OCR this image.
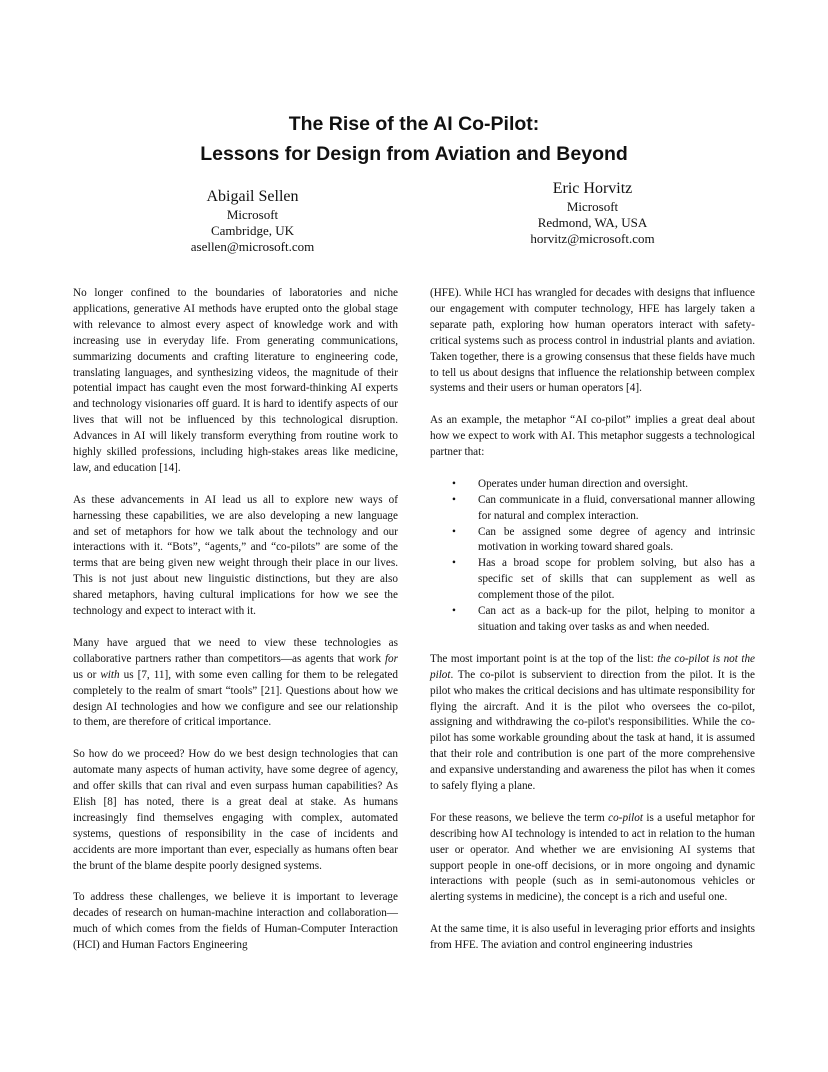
The Rise of the AI Co-Pilot:
Lessons for Design from Aviation and Beyond
Abigail Sellen
Microsoft
Cambridge, UK
asellen@microsoft.com
Eric Horvitz
Microsoft
Redmond, WA, USA
horvitz@microsoft.com

No longer confined to the boundaries of laboratories and niche applications, generative AI methods have erupted onto the global stage with relevance to almost every aspect of knowledge work and with increasing use in everyday life. From generating communications, summarizing documents and crafting literature to engineering code, translating languages, and synthesizing videos, the magnitude of their potential impact has caught even the most forward-thinking AI experts and technology visionaries off guard. It is hard to identify aspects of our lives that will not be influenced by this technological disruption. Advances in AI will likely transform everything from routine work to highly skilled professions, including high-stakes areas like medicine, law, and education [14].

As these advancements in AI lead us all to explore new ways of harnessing these capabilities, we are also developing a new language and set of metaphors for how we talk about the technology and our interactions with it. “Bots”, “agents,” and “co-pilots” are some of the terms that are being given new weight through their place in our lives. This is not just about new linguistic distinctions, but they are also shared metaphors, having cultural implications for how we see the technology and expect to interact with it.

Many have argued that we need to view these technologies as collaborative partners rather than competitors—as agents that work for us or with us [7, 11], with some even calling for them to be relegated completely to the realm of smart “tools” [21]. Questions about how we design AI technologies and how we configure and see our relationship to them, are therefore of critical importance.

So how do we proceed? How do we best design technologies that can automate many aspects of human activity, have some degree of agency, and offer skills that can rival and even surpass human capabilities? As Elish [8] has noted, there is a great deal at stake. As humans increasingly find themselves engaging with complex, automated systems, questions of responsibility in the case of incidents and accidents are more important than ever, especially as humans often bear the brunt of the blame despite poorly designed systems.

To address these challenges, we believe it is important to leverage decades of research on human-machine interaction and collaboration—much of which comes from the fields of Human-Computer Interaction (HCI) and Human Factors Engineering

(HFE). While HCI has wrangled for decades with designs that influence our engagement with computer technology, HFE has largely taken a separate path, exploring how human operators interact with safety-critical systems such as process control in industrial plants and aviation. Taken together, there is a growing consensus that these fields have much to tell us about designs that influence the relationship between complex systems and their users or human operators [4].

As an example, the metaphor “AI co-pilot” implies a great deal about how we expect to work with AI. This metaphor suggests a technological partner that:

• Operates under human direction and oversight.
• Can communicate in a fluid, conversational manner allowing for natural and complex interaction.
• Can be assigned some degree of agency and intrinsic motivation in working toward shared goals.
• Has a broad scope for problem solving, but also has a specific set of skills that can supplement as well as complement those of the pilot.
• Can act as a back-up for the pilot, helping to monitor a situation and taking over tasks as and when needed.

The most important point is at the top of the list: the co-pilot is not the pilot. The co-pilot is subservient to direction from the pilot. It is the pilot who makes the critical decisions and has ultimate responsibility for flying the aircraft. And it is the pilot who oversees the co-pilot, assigning and withdrawing the co-pilot's responsibilities. While the co-pilot has some workable grounding about the task at hand, it is assumed that their role and contribution is one part of the more comprehensive and expansive understanding and awareness the pilot has when it comes to safely flying a plane.

For these reasons, we believe the term co-pilot is a useful metaphor for describing how AI technology is intended to act in relation to the human user or operator. And whether we are envisioning AI systems that support people in one-off decisions, or in more ongoing and dynamic interactions with people (such as in semi-autonomous vehicles or alerting systems in medicine), the concept is a rich and useful one.

At the same time, it is also useful in leveraging prior efforts and insights from HFE. The aviation and control engineering industries
